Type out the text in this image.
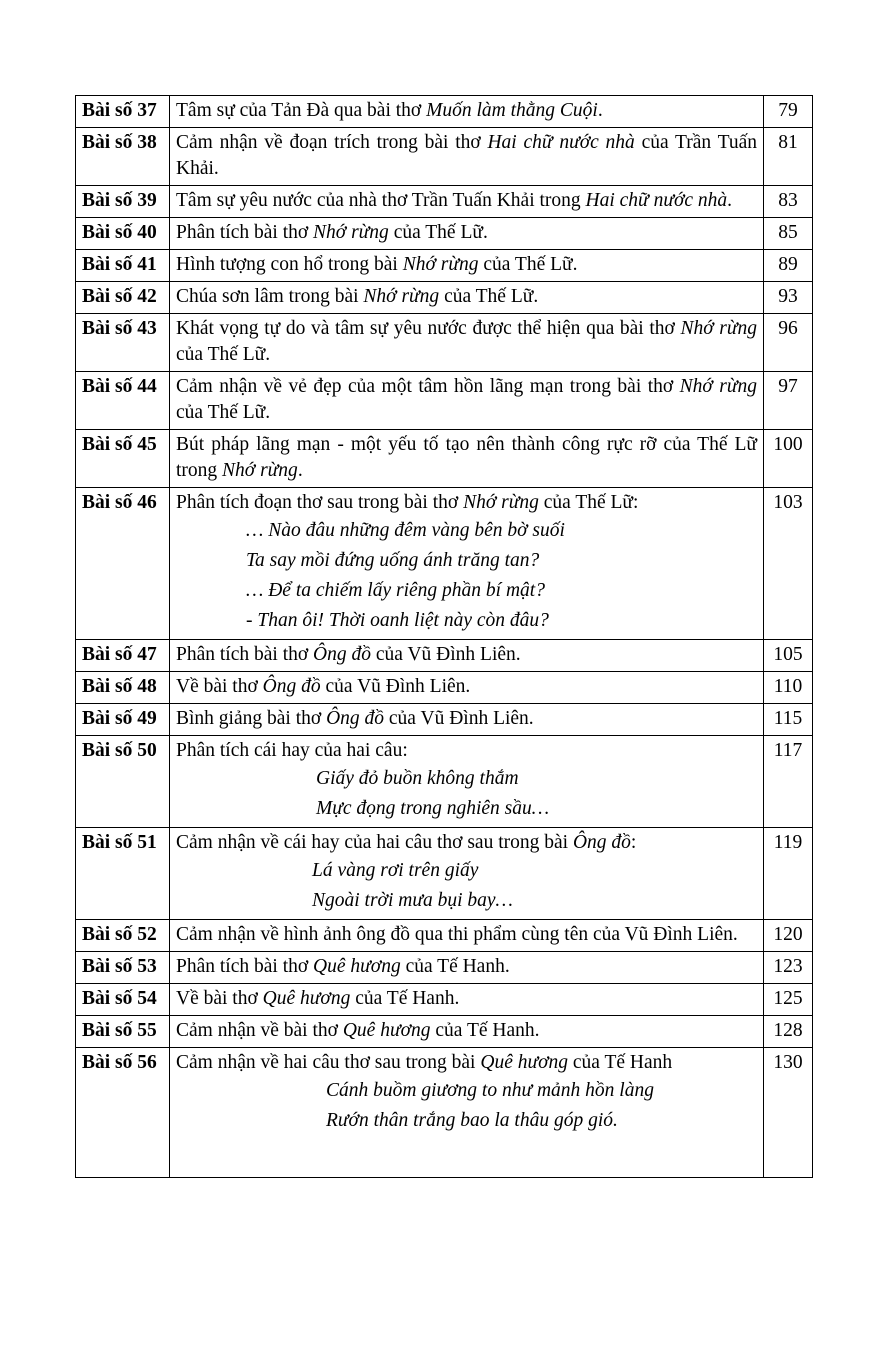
Bài số 37	Tâm sự của Tản Đà qua bài thơ Muốn làm thằng Cuội.	79
Bài số 38	Cảm nhận về đoạn trích trong bài thơ Hai chữ nước nhà của Trần Tuấn Khải.	81
Bài số 39	Tâm sự yêu nước của nhà thơ Trần Tuấn Khải trong Hai chữ nước nhà.	83
Bài số 40	Phân tích bài thơ Nhớ rừng của Thế Lữ.	85
Bài số 41	Hình tượng con hổ trong bài Nhớ rừng của Thế Lữ.	89
Bài số 42	Chúa sơn lâm trong bài Nhớ rừng của Thế Lữ.	93
Bài số 43	Khát vọng tự do và tâm sự yêu nước được thể hiện qua bài thơ Nhớ rừng của Thế Lữ.	96
Bài số 44	Cảm nhận về vẻ đẹp của một tâm hồn lãng mạn trong bài thơ Nhớ rừng của Thế Lữ.	97
Bài số 45	Bút pháp lãng mạn - một yếu tố tạo nên thành công rực rỡ của Thế Lữ trong Nhớ rừng.	100
Bài số 46	Phân tích đoạn thơ sau trong bài thơ Nhớ rừng của Thế Lữ:
… Nào đâu những đêm vàng bên bờ suối
Ta say mồi đứng uống ánh trăng tan?
… Để ta chiếm lấy riêng phần bí mật?
- Than ôi! Thời oanh liệt này còn đâu?	103
Bài số 47	Phân tích bài thơ Ông đồ của Vũ Đình Liên.	105
Bài số 48	Về bài thơ Ông đồ của Vũ Đình Liên.	110
Bài số 49	Bình giảng bài thơ Ông đồ của Vũ Đình Liên.	115
Bài số 50	Phân tích cái hay của hai câu:
Giấy đỏ buồn không thắm
Mực đọng trong nghiên sầu…	117
Bài số 51	Cảm nhận về cái hay của hai câu thơ sau trong bài Ông đồ:
Lá vàng rơi trên giấy
Ngoài trời mưa bụi bay…	119
Bài số 52	Cảm nhận về hình ảnh ông đồ qua thi phẩm cùng tên của Vũ Đình Liên.	120
Bài số 53	Phân tích bài thơ Quê hương của Tế Hanh.	123
Bài số 54	Về bài thơ Quê hương của Tế Hanh.	125
Bài số 55	Cảm nhận về bài thơ Quê hương của Tế Hanh.	128
Bài số 56	Cảm nhận về hai câu thơ sau trong bài Quê hương của Tế Hanh
Cánh buồm giương to như mảnh hồn làng
Rướn thân trắng bao la thâu góp gió.	130
